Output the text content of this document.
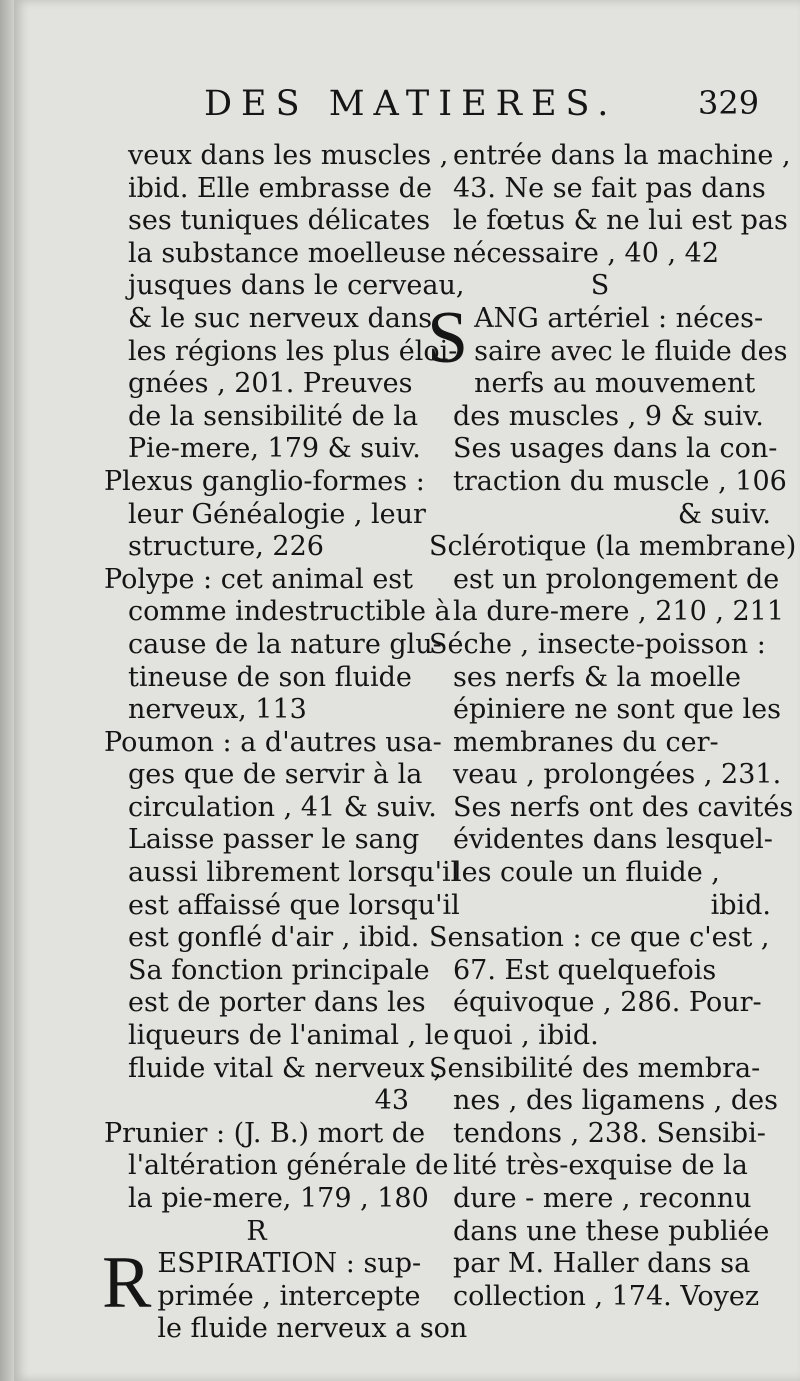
DES MATIERES.	329
veux dans les muscles ,
ibid. Elle embrasse de
ses tuniques délicates
la substance moelleuse
jusques dans le cerveau,
& le suc nerveux dans
les régions les plus éloi-
gnées , 201. Preuves
de la sensibilité de la
Pie-mere, 179 & suiv.
Plexus ganglio-formes :
leur Généalogie , leur
structure, 226
Polype : cet animal est
comme indestructible à
cause de la nature glu-
tineuse de son fluide
nerveux, 113
Poumon : a d'autres usa-
ges que de servir à la
circulation , 41 & suiv.
Laisse passer le sang
aussi librement lorsqu'il
est affaissé que lorsqu'il
est gonflé d'air , ibid.
Sa fonction principale
est de porter dans les
liqueurs de l'animal , le
fluide vital & nerveux ,
43
Prunier : (J. B.) mort de
l'altération générale de
la pie-mere, 179 , 180
R
R ESPIRATION : sup-
primée , intercepte
le fluide nerveux a son
entrée dans la machine ,
43. Ne se fait pas dans
le fœtus & ne lui est pas
nécessaire , 40 , 42
S
S ANG artériel : néces-
saire avec le fluide des
nerfs au mouvement
des muscles , 9 & suiv.
Ses usages dans la con-
traction du muscle , 106
& suiv.
Sclérotique (la membrane)
est un prolongement de
la dure-mere , 210 , 211
Séche , insecte-poisson :
ses nerfs & la moelle
épiniere ne sont que les
membranes du cer-
veau , prolongées , 231.
Ses nerfs ont des cavités
évidentes dans lesquel-
les coule un fluide ,
ibid.
Sensation : ce que c'est ,
67. Est quelquefois
équivoque , 286. Pour-
quoi , ibid.
Sensibilité des membra-
nes , des ligamens , des
tendons , 238. Sensibi-
lité très-exquise de la
dure - mere , reconnu
dans une these publiée
par M. Haller dans sa
collection , 174. Voyez
